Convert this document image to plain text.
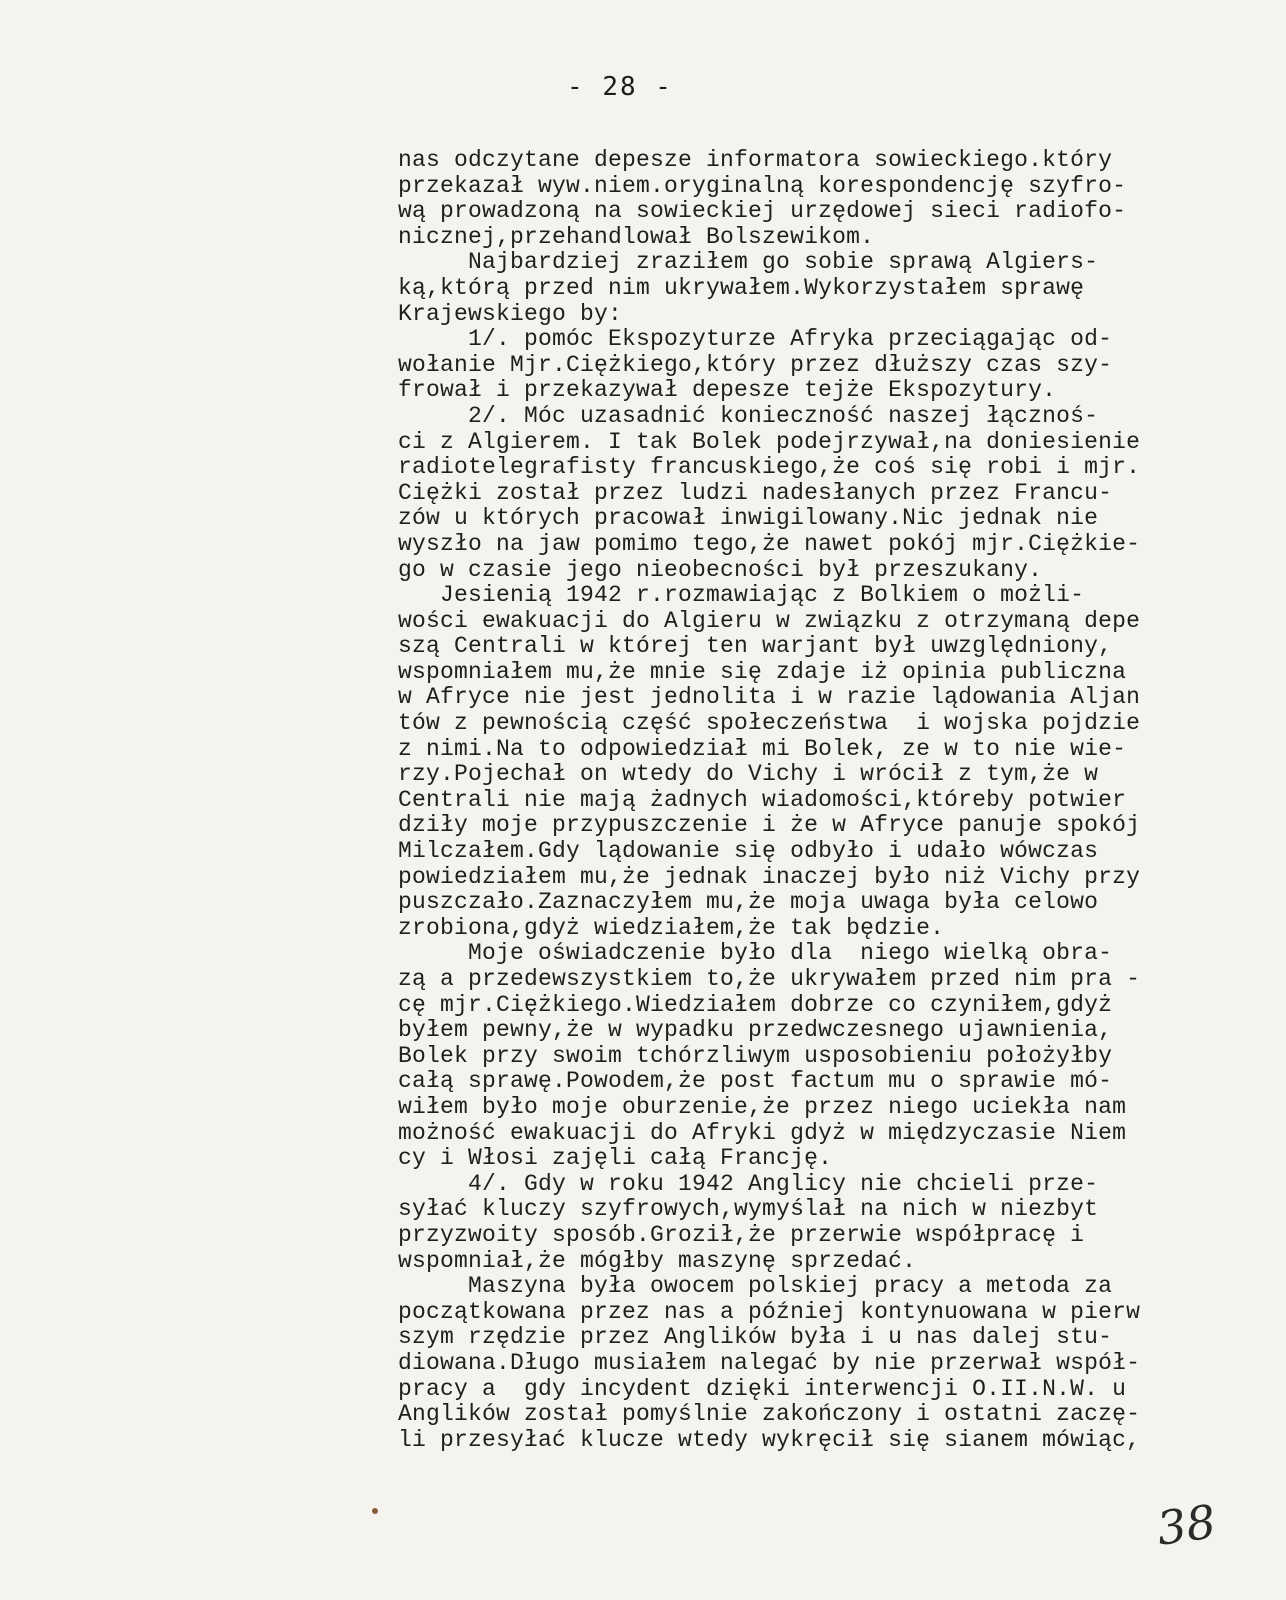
- 28 -
nas odczytane depesze informatora sowieckiego.który
przekazał wyw.niem.oryginalną korespondencję szyfro-
wą prowadzoną na sowieckiej urzędowej sieci radiofo-
nicznej,przehandlował Bolszewikom.
Najbardziej zraziłem go sobie sprawą Algiers-
ką,którą przed nim ukrywałem.Wykorzystałem sprawę
Krajewskiego by:
1/. pomóc Ekspozyturze Afryka przeciągając od-
wołanie Mjr.Ciężkiego,który przez dłuższy czas szy-
frował i przekazywał depesze tejże Ekspozytury.
2/. Móc uzasadnić konieczność naszej łącznoś-
ci z Algierem. I tak Bolek podejrzywał,na doniesienie
radiotelegrafisty francuskiego,że coś się robi i mjr.
Ciężki został przez ludzi nadesłanych przez Francu-
zów u których pracował inwigilowany.Nic jednak nie
wyszło na jaw pomimo tego,że nawet pokój mjr.Ciężkie-
go w czasie jego nieobecności był przeszukany.
Jesienią 1942 r.rozmawiając z Bolkiem o możli-
wości ewakuacji do Algieru w związku z otrzymaną depe
szą Centrali w której ten warjant był uwzględniony,
wspomniałem mu,że mnie się zdaje iż opinia publiczna
w Afryce nie jest jednolita i w razie lądowania Aljan
tów z pewnością część społeczeństwa  i wojska pojdzie
z nimi.Na to odpowiedział mi Bolek, ze w to nie wie-
rzy.Pojechał on wtedy do Vichy i wrócił z tym,że w
Centrali nie mają żadnych wiadomości,któreby potwier
dziły moje przypuszczenie i że w Afryce panuje spokój
Milczałem.Gdy lądowanie się odbyło i udało wówczas
powiedziałem mu,że jednak inaczej było niż Vichy przy
puszczało.Zaznaczyłem mu,że moja uwaga była celowo
zrobiona,gdyż wiedziałem,że tak będzie.
Moje oświadczenie było dla  niego wielką obra-
zą a przedewszystkiem to,że ukrywałem przed nim pra -
cę mjr.Ciężkiego.Wiedziałem dobrze co czyniłem,gdyż
byłem pewny,że w wypadku przedwczesnego ujawnienia,
Bolek przy swoim tchórzliwym usposobieniu położyłby
całą sprawę.Powodem,że post factum mu o sprawie mó-
wiłem było moje oburzenie,że przez niego uciekła nam
możność ewakuacji do Afryki gdyż w międzyczasie Niem
cy i Włosi zajęli całą Francję.
4/. Gdy w roku 1942 Anglicy nie chcieli prze-
syłać kluczy szyfrowych,wymyślał na nich w niezbyt
przyzwoity sposób.Groził,że przerwie współpracę i
wspomniał,że mógłby maszynę sprzedać.
Maszyna była owocem polskiej pracy a metoda za
początkowana przez nas a później kontynuowana w pierw
szym rzędzie przez Anglików była i u nas dalej stu-
diowana.Długo musiałem nalegać by nie przerwał współ-
pracy a  gdy incydent dzięki interwencji O.II.N.W. u
Anglików został pomyślnie zakończony i ostatni zaczę-
li przesyłać klucze wtedy wykręcił się sianem mówiąc,
38
